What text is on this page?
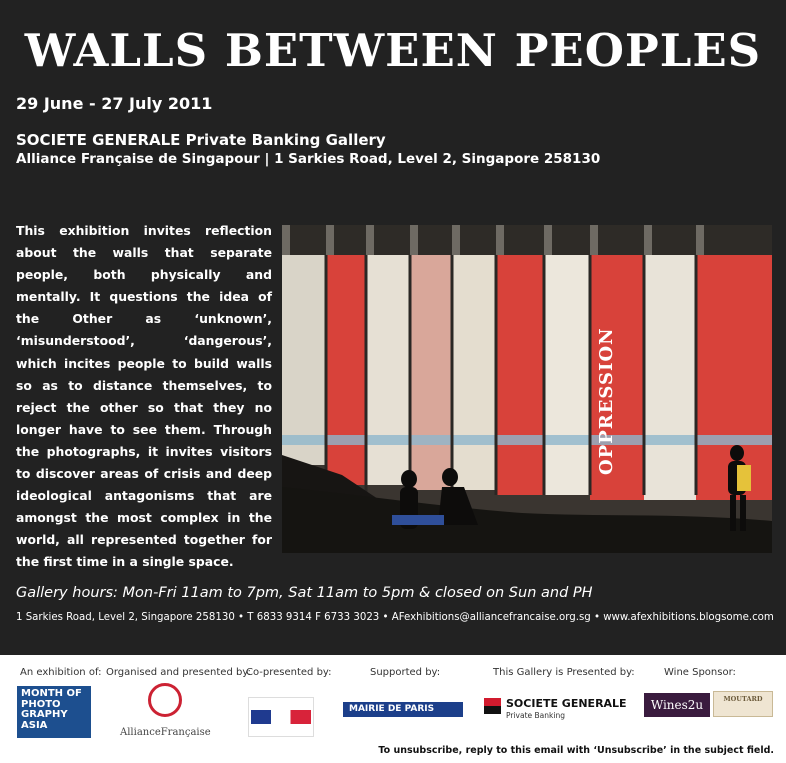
WALLS BETWEEN PEOPLES
29 June - 27 July 2011
SOCIETE GENERALE Private Banking Gallery
Alliance Française de Singapour | 1 Sarkies Road, Level 2, Singapore 258130
This exhibition invites reflection about the walls that separate people, both physically and mentally. It questions the idea of the Other as ‘unknown’, ‘misunderstood’, ‘dangerous’, which incites people to build walls so as to distance themselves, to reject the other so that they no longer have to see them. Through the photographs, it invites visitors to discover areas of crisis and deep ideological antagonisms that are amongst the most complex in the world, all represented together for the first time in a single space.
OPPRESSION
Gallery hours: Mon-Fri 11am to 7pm, Sat 11am to 5pm & closed on Sun and PH
1 Sarkies Road, Level 2, Singapore 258130 • T 6833 9314 F 6733 3023 • AFexhibitions@alliancefrancaise.org.sg • www.afexhibitions.blogsome.com
An exhibition of: Organised and presented by:
Co-presented by:	Supported by:	This Gallery is Presented by:	Wine Sponsor:
MONTH OF PHOTO GRAPHY ASIA
AllianceFrançaise
MAIRIE DE PARIS	SOCIETE GENERALE
Private Banking
Wines2u	MOUTARD
To unsubscribe, reply to this email with ‘Unsubscribe’ in the subject field.
